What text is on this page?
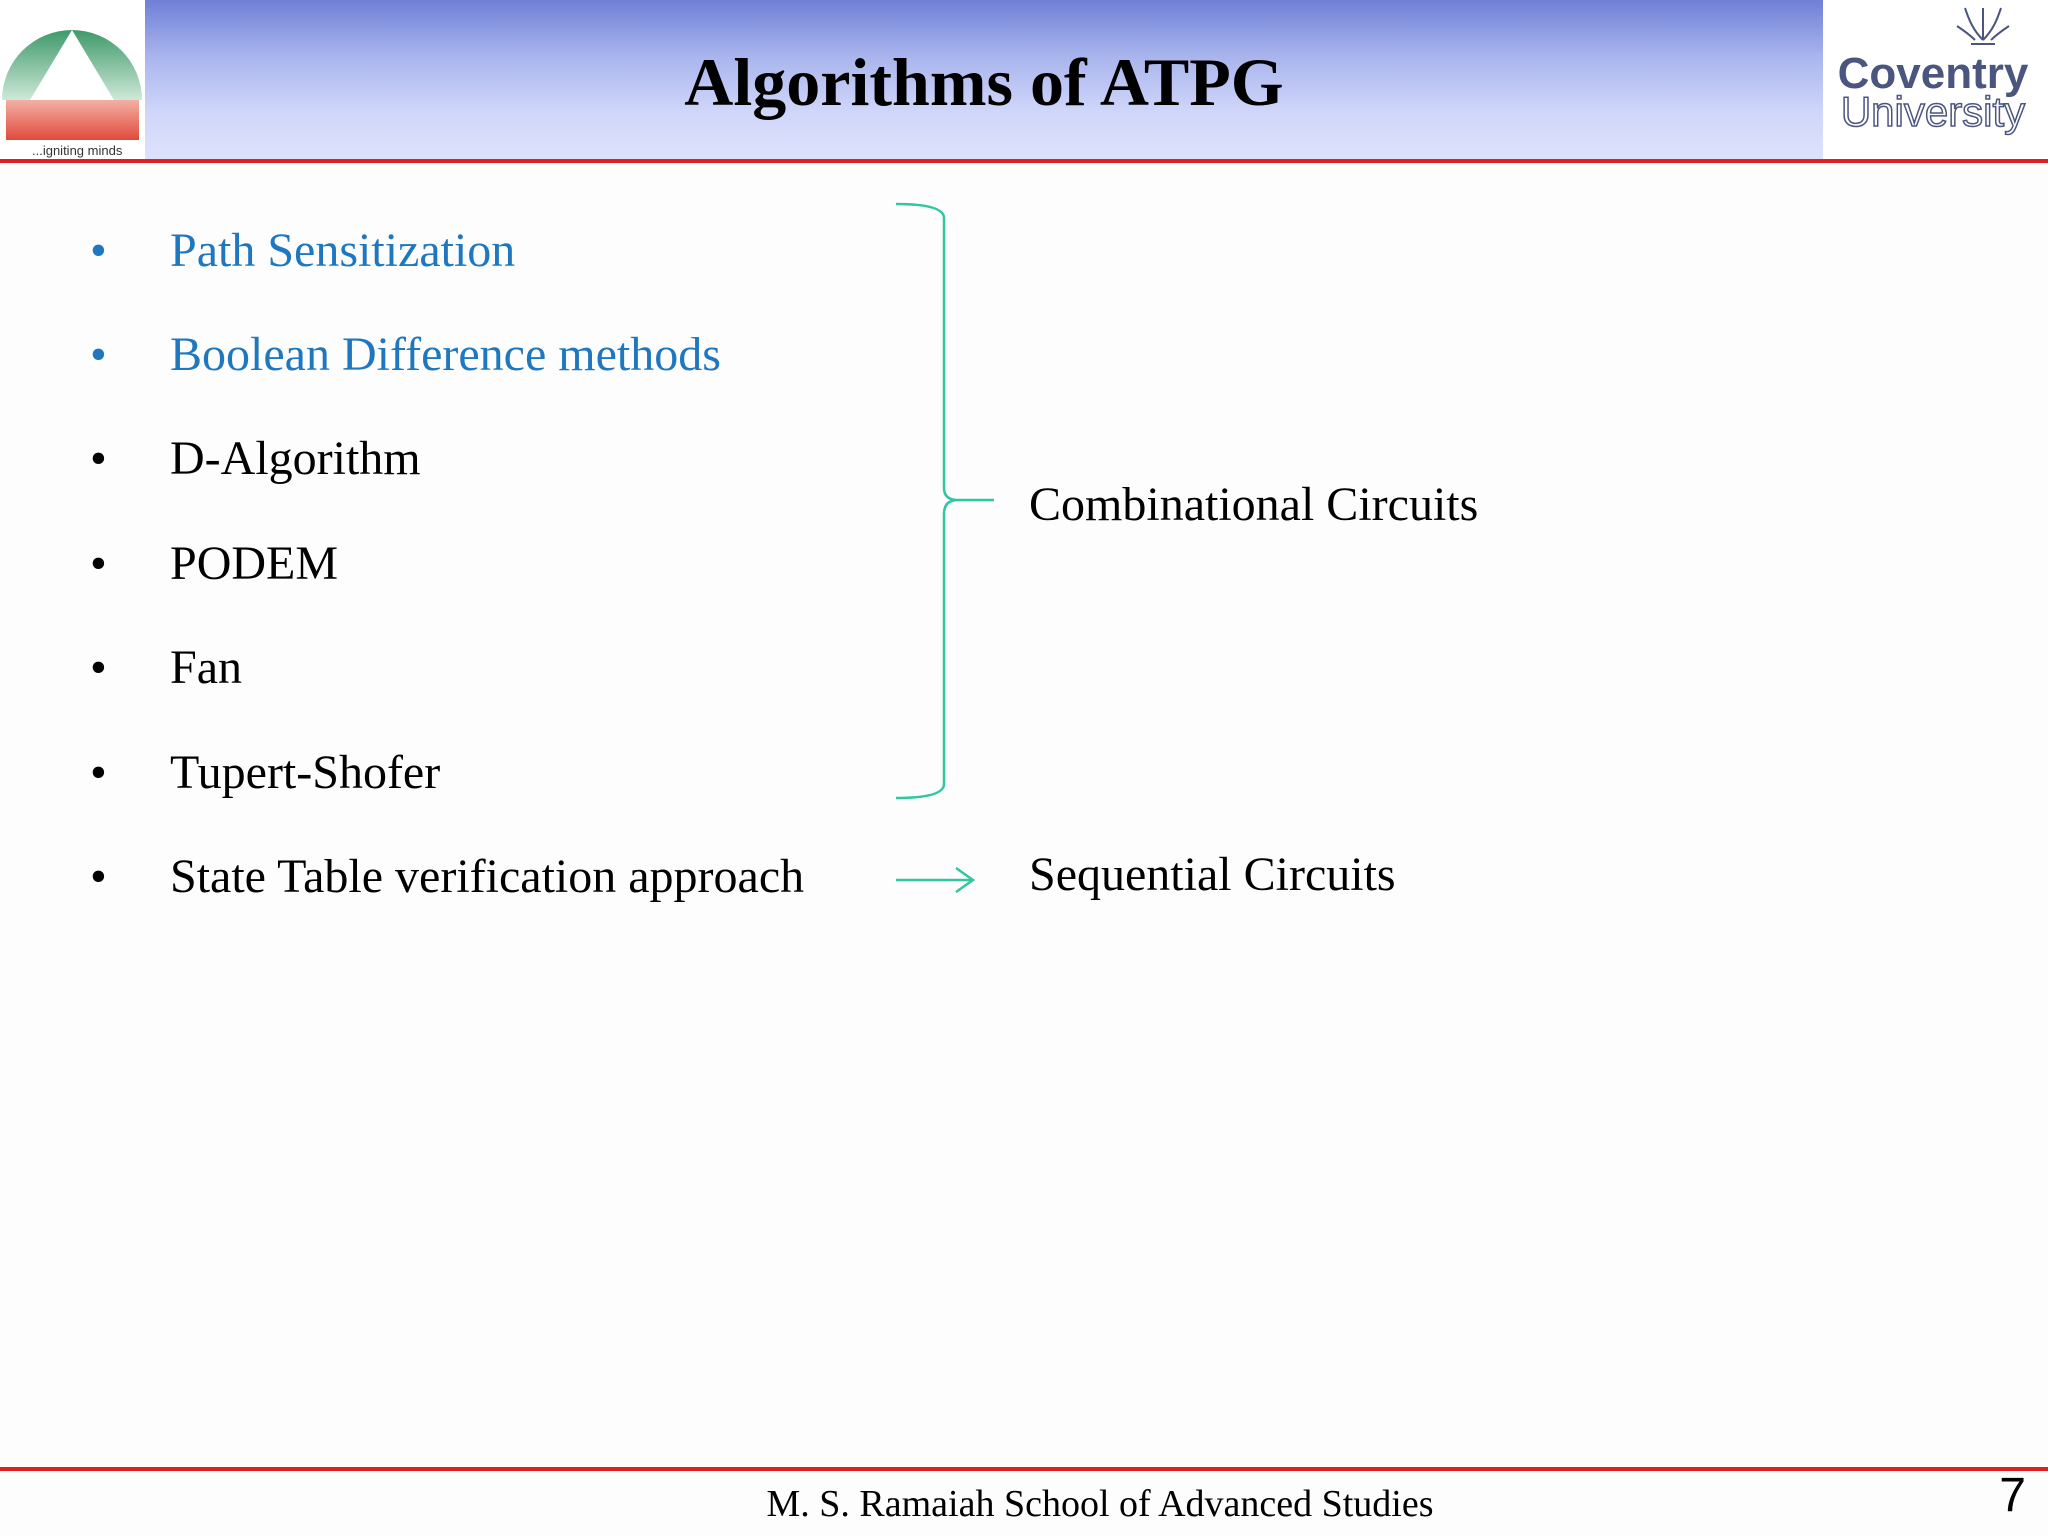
Algorithms of ATPG
...igniting minds
Coventry
University
• Path Sensitization
• Boolean Difference methods
• D-Algorithm
• PODEM
• Fan
• Tupert-Shofer
• State Table verification approach
Combinational Circuits
Sequential Circuits
M. S. Ramaiah School of Advanced Studies	7
